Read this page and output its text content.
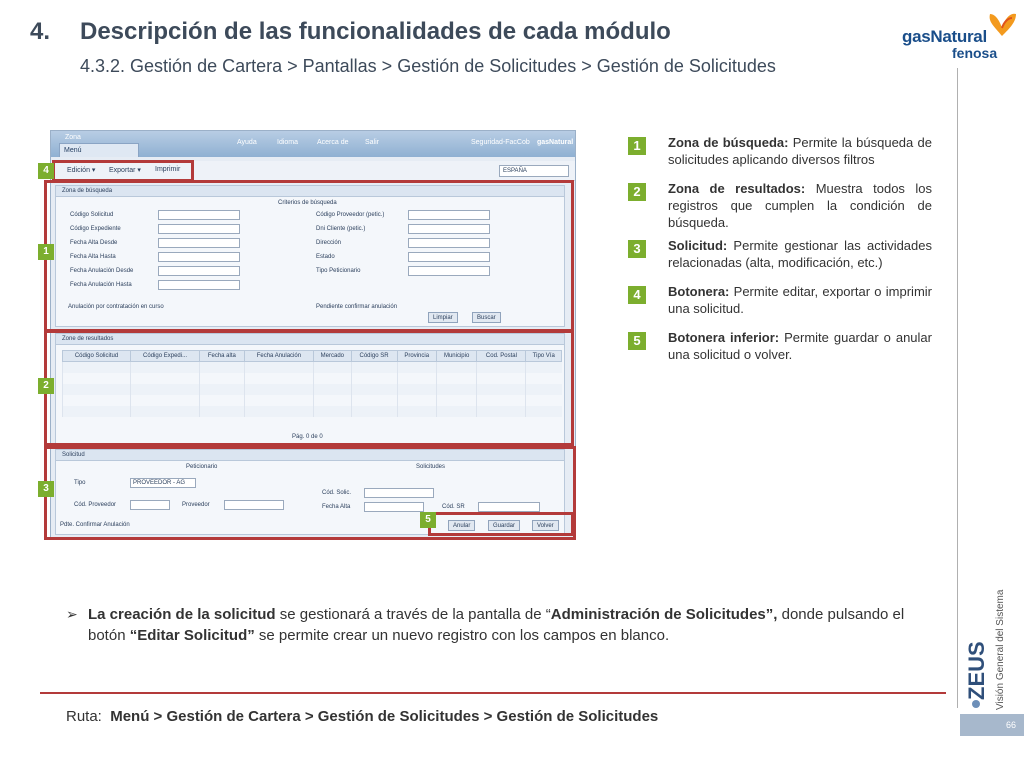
4. Descripción de las funcionalidades de cada módulo
4.3.2. Gestión de Cartera > Pantallas > Gestión de Solicitudes > Gestión de Solicitudes
gasNatural
fenosa
Zona
Ayuda	Idioma	Acerca de Salir	Seguridad-FacCob gasNatural
Menú
Edición ▾ Exportar ▾ Imprimir	ESPAÑA
Zona de búsqueda
Criterios de búsqueda
Código Solicitud
Código Expediente
Fecha Alta Desde
Fecha Alta Hasta
Fecha Anulación Desde
Fecha Anulación Hasta
Código Proveedor (petic.)
Dni Cliente (petic.)
Dirección
Estado
Tipo Peticionario
Anulación por contratación en curso	Pendiente confirmar anulación
Limpiar	Buscar
Zone de resultados
Código Solicitud	Código Expedi...	Fecha alta	Fecha Anulación	Mercado	Código SR	Provincia	Municipio	Cod. Postal	Tipo Vía

Pág. 0 de 0
Solicitud
Peticionario	Solicitudes
Tipo	PROVEEDOR - AG
Cód. Proveedor	Proveedor
Cód. Solic.
Fecha Alta	Cód. SR
Pdte. Confirmar Anulación	Anular	Guardar	Volver
4
1
2
3
5
1	Zona de búsqueda: Permite la búsqueda de solicitudes aplicando diversos filtros
2	Zona de resultados: Muestra todos los registros que cumplen la condición de búsqueda.
3	Solicitud: Permite gestionar las actividades relacionadas (alta, modificación, etc.)
4	Botonera: Permite editar, exportar o imprimir una solicitud.
5	Botonera inferior: Permite guardar o anular una solicitud o volver.
➢ La creación de la solicitud se gestionará a través de la pantalla de “Administración de Solicitudes”, donde pulsando el botón “Editar Solicitud” se permite crear un nuevo registro con los campos en blanco.
Ruta: Menú > Gestión de Cartera > Gestión de Solicitudes > Gestión de Solicitudes
ZEUS Visión General del Sistema
66
